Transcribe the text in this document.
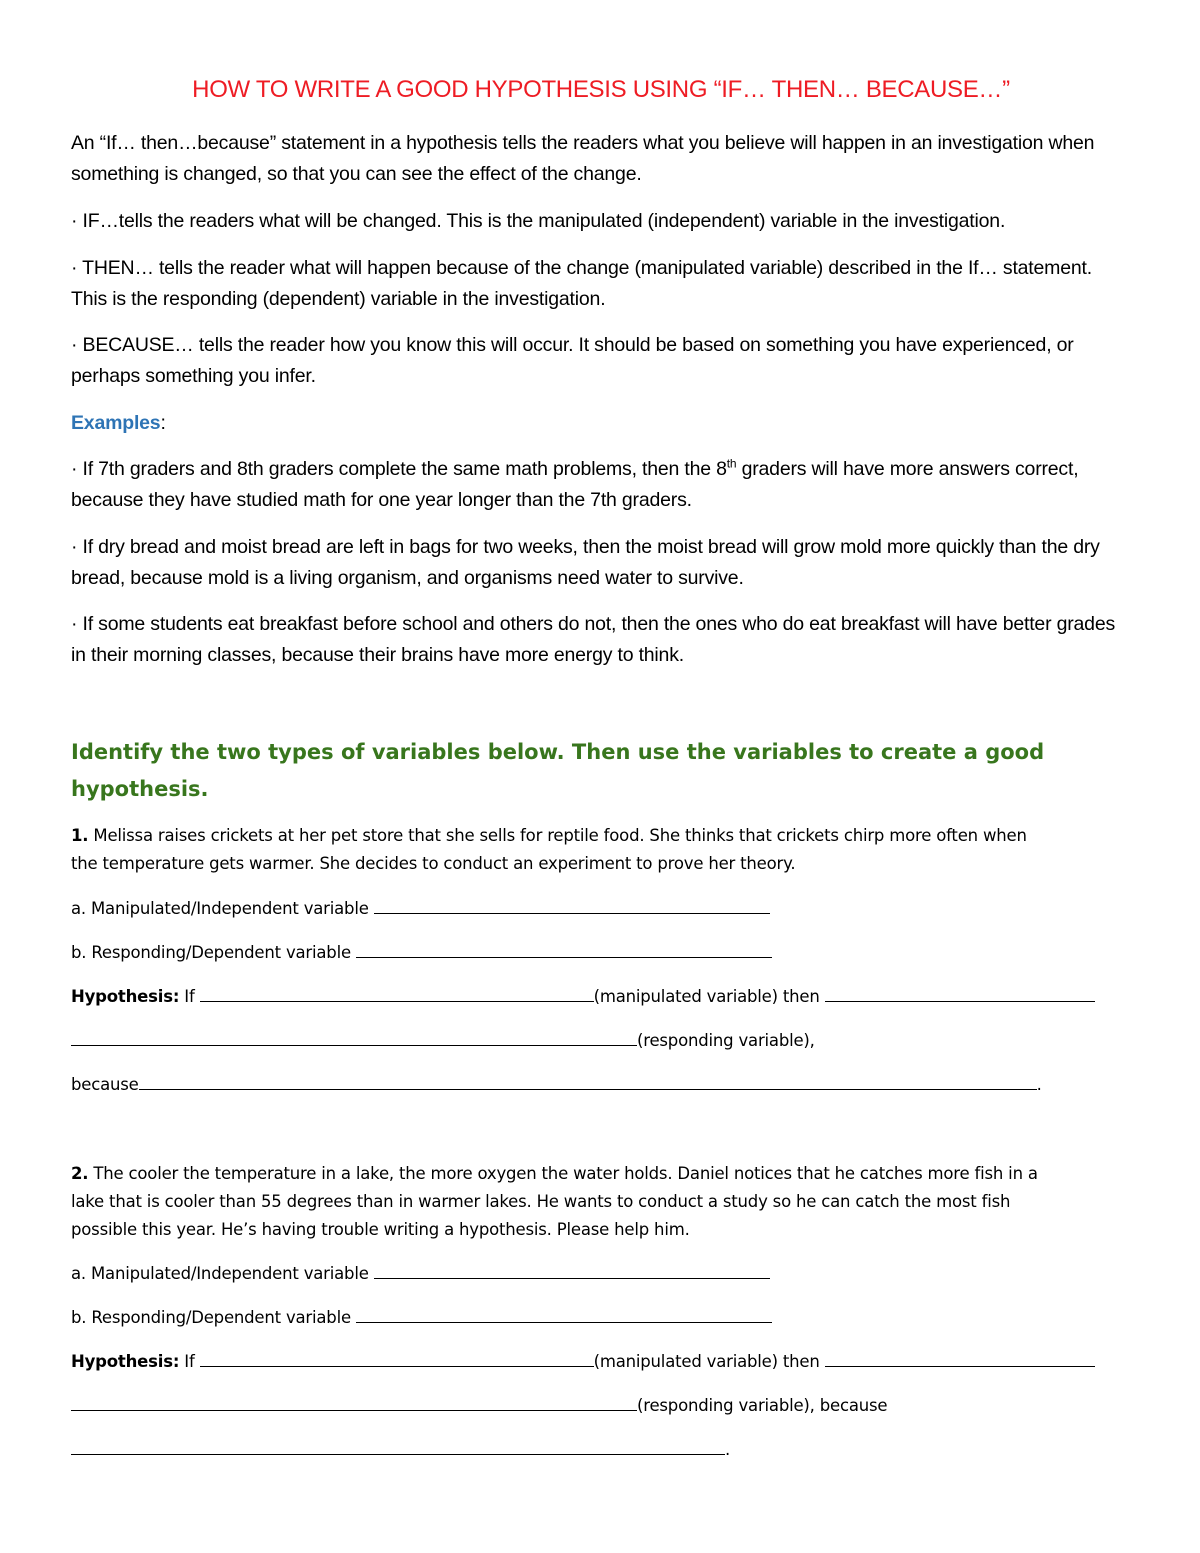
HOW TO WRITE A GOOD HYPOTHESIS USING “IF… THEN… BECAUSE…”
An “If… then…because” statement in a hypothesis tells the readers what you believe will happen in an investigation when something is changed, so that you can see the effect of the change.
· IF…tells the readers what will be changed. This is the manipulated (independent) variable in the investigation.
· THEN… tells the reader what will happen because of the change (manipulated variable) described in the If… statement. This is the responding (dependent) variable in the investigation.
· BECAUSE… tells the reader how you know this will occur. It should be based on something you have experienced, or perhaps something you infer.
Examples:
· If 7th graders and 8th graders complete the same math problems, then the 8th graders will have more answers correct, because they have studied math for one year longer than the 7th graders.
· If dry bread and moist bread are left in bags for two weeks, then the moist bread will grow mold more quickly than the dry bread, because mold is a living organism, and organisms need water to survive.
· If some students eat breakfast before school and others do not, then the ones who do eat breakfast will have better grades in their morning classes, because their brains have more energy to think.
Identify the two types of variables below. Then use the variables to create a good hypothesis.
1. Melissa raises crickets at her pet store that she sells for reptile food. She thinks that crickets chirp more often when
the temperature gets warmer. She decides to conduct an experiment to prove her theory.
a. Manipulated/Independent variable
b. Responding/Dependent variable
Hypothesis: If	(manipulated variable) then
(responding variable),
because	.
2. The cooler the temperature in a lake, the more oxygen the water holds. Daniel notices that he catches more fish in a
lake that is cooler than 55 degrees than in warmer lakes. He wants to conduct a study so he can catch the most fish
possible this year. He’s having trouble writing a hypothesis. Please help him.
a. Manipulated/Independent variable
b. Responding/Dependent variable
Hypothesis: If	(manipulated variable) then
(responding variable), because
.
